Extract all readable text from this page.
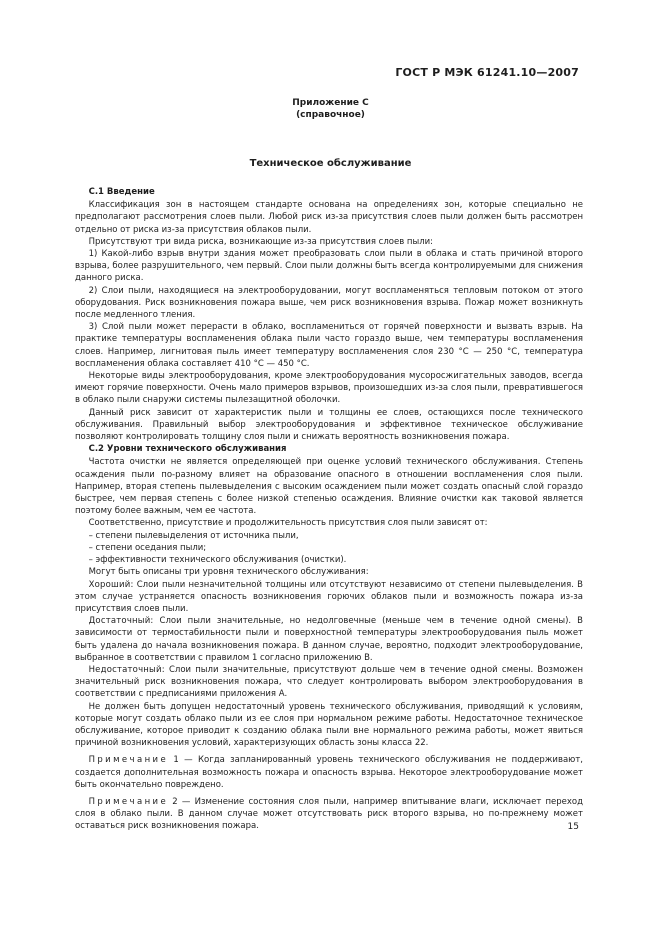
ГОСТ Р МЭК 61241.10—2007
Приложение С
(справочное)
Техническое обслуживание

С.1 Введение

Классификация зон в настоящем стандарте основана на определениях зон, которые специально не предполагают рассмотрения слоев пыли. Любой риск из-за присутствия слоев пыли должен быть рассмотрен отдельно от риска из-за присутствия облаков пыли.

Присутствуют три вида риска, возникающие из-за присутствия слоев пыли:

1) Какой-либо взрыв внутри здания может преобразовать слои пыли в облака и стать причиной второго взрыва, более разрушительного, чем первый. Слои пыли должны быть всегда контролируемыми для снижения данного риска.

2) Слои пыли, находящиеся на электрооборудовании, могут воспламеняться тепловым потоком от этого оборудования. Риск возникновения пожара выше, чем риск возникновения взрыва. Пожар может возникнуть после медленного тления.

3) Слой пыли может перерасти в облако, воспламениться от горячей поверхности и вызвать взрыв. На практике температуры воспламенения облака пыли часто гораздо выше, чем температуры воспламенения слоев. Например, лигнитовая пыль имеет температуру воспламенения слоя 230 °С — 250 °С, температура воспламенения облака составляет 410 °С — 450 °С.

Некоторые виды электрооборудования, кроме электрооборудования мусоросжигательных заводов, всегда имеют горячие поверхности. Очень мало примеров взрывов, произошедших из-за слоя пыли, превратившегося в облако пыли снаружи системы пылезащитной оболочки.

Данный риск зависит от характеристик пыли и толщины ее слоев, остающихся после технического обслуживания. Правильный выбор электрооборудования и эффективное техническое обслуживание позволяют контролировать толщину слоя пыли и снижать вероятность возникновения пожара.

С.2 Уровни технического обслуживания

Частота очистки не является определяющей при оценке условий технического обслуживания. Степень осаждения пыли по-разному влияет на образование опасного в отношении воспламенения слоя пыли. Например, вторая степень пылевыделения с высоким осаждением пыли может создать опасный слой гораздо быстрее, чем первая степень с более низкой степенью осаждения. Влияние очистки как таковой является поэтому более важным, чем ее частота.

Соответственно, присутствие и продолжительность присутствия слоя пыли зависят от:

– степени пылевыделения от источника пыли,

– степени оседания пыли;

– эффективности технического обслуживания (очистки).

Могут быть описаны три уровня технического обслуживания:

Хороший: Слои пыли незначительной толщины или отсутствуют независимо от степени пылевыделения. В этом случае устраняется опасность возникновения горючих облаков пыли и возможность пожара из-за присутствия слоев пыли.

Достаточный: Слои пыли значительные, но недолговечные (меньше чем в течение одной смены). В зависимости от термостабильности пыли и поверхностной температуры электрооборудования пыль может быть удалена до начала возникновения пожара. В данном случае, вероятно, подходит электрооборудование, выбранное в соответствии с правилом 1 согласно приложению В.

Недостаточный: Слои пыли значительные, присутствуют дольше чем в течение одной смены. Возможен значительный риск возникновения пожара, что следует контролировать выбором электрооборудования в соответствии с предписаниями приложения А.

Не должен быть допущен недостаточный уровень технического обслуживания, приводящий к условиям, которые могут создать облако пыли из ее слоя при нормальном режиме работы. Недостаточное техническое обслуживание, которое приводит к созданию облака пыли вне нормального режима работы, может явиться причиной возникновения условий, характеризующих область зоны класса 22.

Примечание 1 — Когда запланированный уровень технического обслуживания не поддерживают, создается дополнительная возможность пожара и опасность взрыва. Некоторое электрооборудование может быть окончательно повреждено.

Примечание 2 — Изменение состояния слоя пыли, например впитывание влаги, исключает переход слоя в облако пыли. В данном случае может отсутствовать риск второго взрыва, но по-прежнему может оставаться риск возникновения пожара.	15
